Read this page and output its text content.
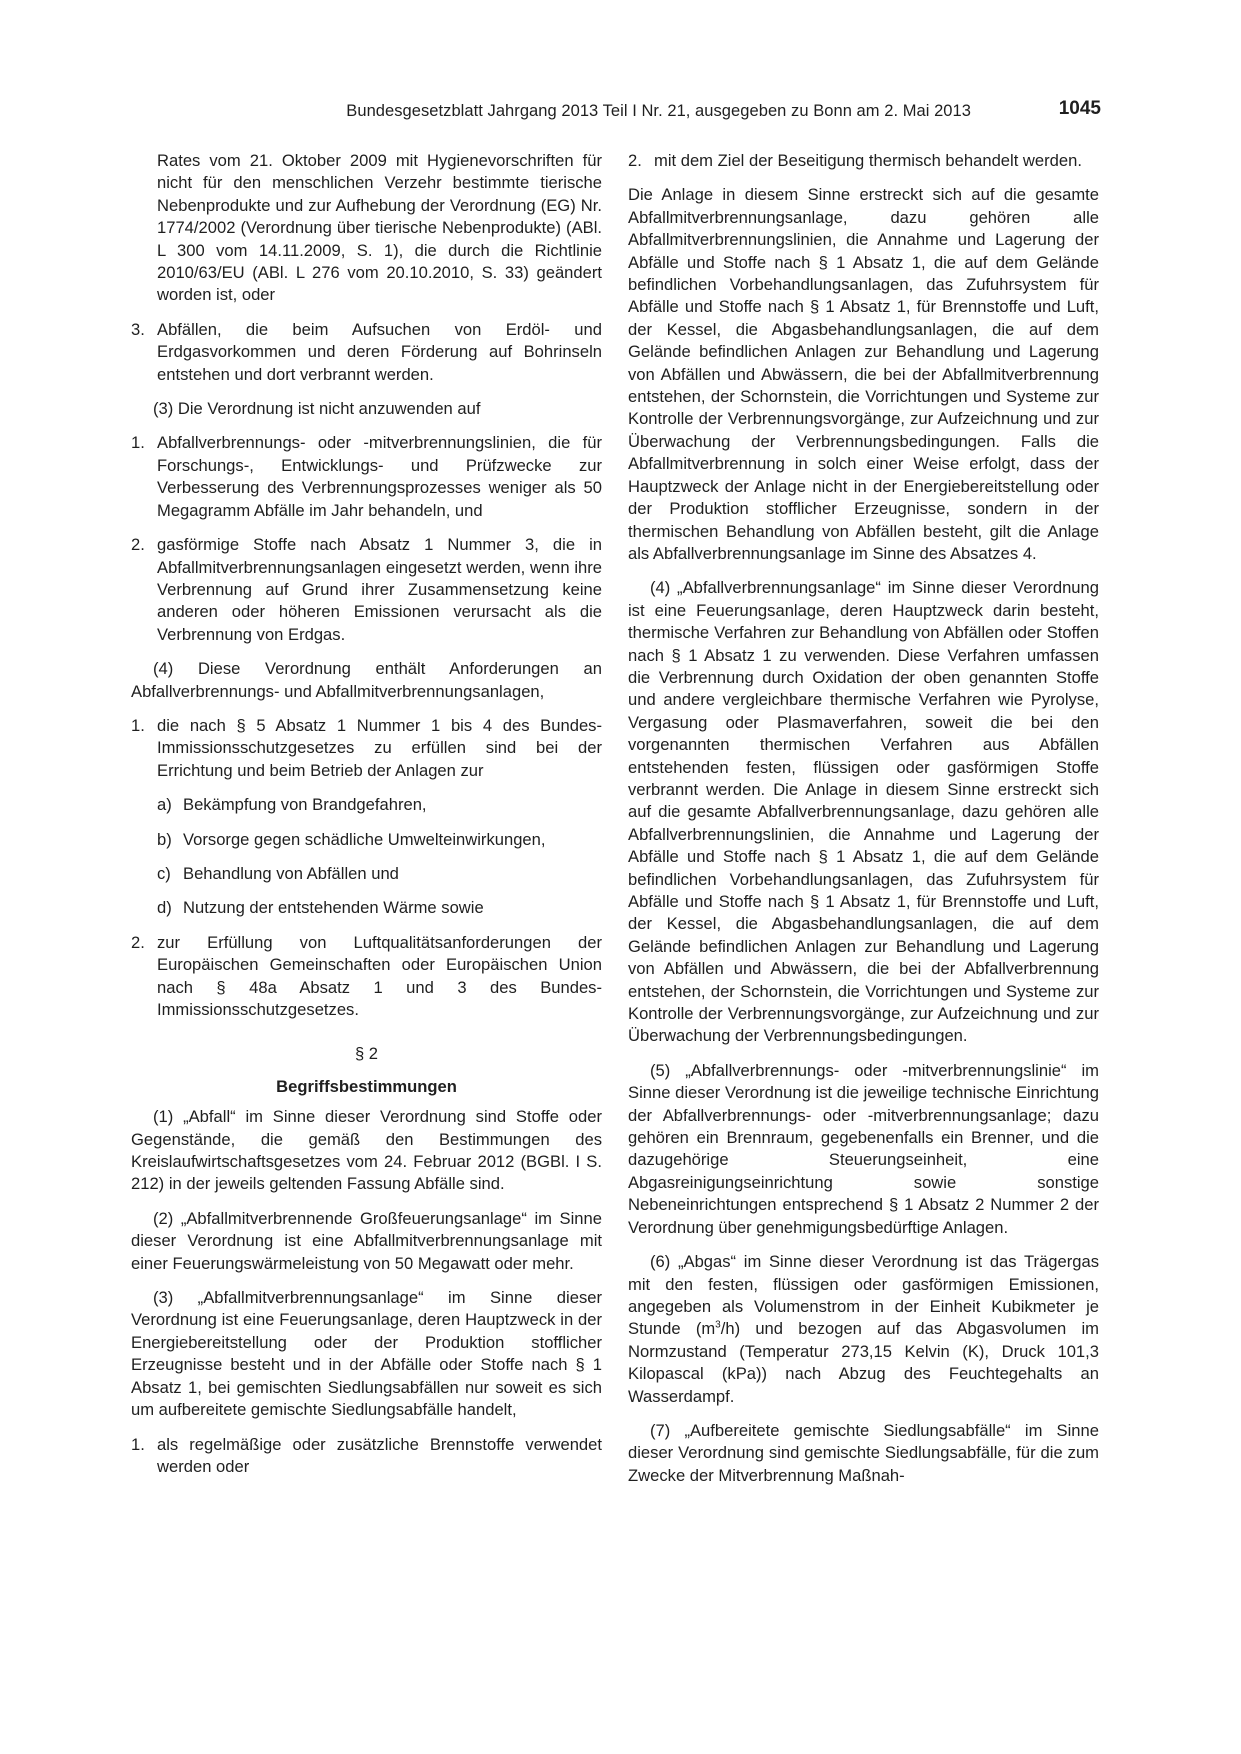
Bundesgesetzblatt Jahrgang 2013 Teil I Nr. 21, ausgegeben zu Bonn am 2. Mai 2013	1045

Rates vom 21. Oktober 2009 mit Hygienevorschriften für nicht für den menschlichen Verzehr bestimmte tierische Nebenprodukte und zur Aufhebung der Verordnung (EG) Nr. 1774/2002 (Verordnung über tierische Nebenprodukte) (ABl. L 300 vom 14.11.2009, S. 1), die durch die Richtlinie 2010/63/EU (ABl. L 276 vom 20.10.2010, S. 33) geändert worden ist, oder

3. Abfällen, die beim Aufsuchen von Erdöl- und Erdgasvorkommen und deren Förderung auf Bohrinseln entstehen und dort verbrannt werden.

(3) Die Verordnung ist nicht anzuwenden auf

1. Abfallverbrennungs- oder -mitverbrennungslinien, die für Forschungs-, Entwicklungs- und Prüfzwecke zur Verbesserung des Verbrennungsprozesses weniger als 50 Megagramm Abfälle im Jahr behandeln, und
2. gasförmige Stoffe nach Absatz 1 Nummer 3, die in Abfallmitverbrennungsanlagen eingesetzt werden, wenn ihre Verbrennung auf Grund ihrer Zusammensetzung keine anderen oder höheren Emissionen verursacht als die Verbrennung von Erdgas.

(4) Diese Verordnung enthält Anforderungen an Abfallverbrennungs- und Abfallmitverbrennungsanlagen,

1. die nach § 5 Absatz 1 Nummer 1 bis 4 des Bundes-Immissionsschutzgesetzes zu erfüllen sind bei der Errichtung und beim Betrieb der Anlagen zur
a) Bekämpfung von Brandgefahren,
b) Vorsorge gegen schädliche Umwelteinwirkungen,
c) Behandlung von Abfällen und
d) Nutzung der entstehenden Wärme sowie
2. zur Erfüllung von Luftqualitätsanforderungen der Europäischen Gemeinschaften oder Europäischen Union nach § 48a Absatz 1 und 3 des Bundes-Immissionsschutzgesetzes.

§ 2

Begriffsbestimmungen

(1) „Abfall“ im Sinne dieser Verordnung sind Stoffe oder Gegenstände, die gemäß den Bestimmungen des Kreislaufwirtschaftsgesetzes vom 24. Februar 2012 (BGBl. I S. 212) in der jeweils geltenden Fassung Abfälle sind.

(2) „Abfallmitverbrennende Großfeuerungsanlage“ im Sinne dieser Verordnung ist eine Abfallmitverbrennungsanlage mit einer Feuerungswärmeleistung von 50 Megawatt oder mehr.

(3) „Abfallmitverbrennungsanlage“ im Sinne dieser Verordnung ist eine Feuerungsanlage, deren Hauptzweck in der Energiebereitstellung oder der Produktion stofflicher Erzeugnisse besteht und in der Abfälle oder Stoffe nach § 1 Absatz 1, bei gemischten Siedlungsabfällen nur soweit es sich um aufbereitete gemischte Siedlungsabfälle handelt,

1. als regelmäßige oder zusätzliche Brennstoffe verwendet werden oder
2. mit dem Ziel der Beseitigung thermisch behandelt werden.

Die Anlage in diesem Sinne erstreckt sich auf die gesamte Abfallmitverbrennungsanlage, dazu gehören alle Abfallmitverbrennungslinien, die Annahme und Lagerung der Abfälle und Stoffe nach § 1 Absatz 1, die auf dem Gelände befindlichen Vorbehandlungsanlagen, das Zufuhrsystem für Abfälle und Stoffe nach § 1 Absatz 1, für Brennstoffe und Luft, der Kessel, die Abgasbehandlungsanlagen, die auf dem Gelände befindlichen Anlagen zur Behandlung und Lagerung von Abfällen und Abwässern, die bei der Abfallmitverbrennung entstehen, der Schornstein, die Vorrichtungen und Systeme zur Kontrolle der Verbrennungsvorgänge, zur Aufzeichnung und zur Überwachung der Verbrennungsbedingungen. Falls die Abfallmitverbrennung in solch einer Weise erfolgt, dass der Hauptzweck der Anlage nicht in der Energiebereitstellung oder der Produktion stofflicher Erzeugnisse, sondern in der thermischen Behandlung von Abfällen besteht, gilt die Anlage als Abfallverbrennungsanlage im Sinne des Absatzes 4.

(4) „Abfallverbrennungsanlage“ im Sinne dieser Verordnung ist eine Feuerungsanlage, deren Hauptzweck darin besteht, thermische Verfahren zur Behandlung von Abfällen oder Stoffen nach § 1 Absatz 1 zu verwenden. Diese Verfahren umfassen die Verbrennung durch Oxidation der oben genannten Stoffe und andere vergleichbare thermische Verfahren wie Pyrolyse, Vergasung oder Plasmaverfahren, soweit die bei den vorgenannten thermischen Verfahren aus Abfällen entstehenden festen, flüssigen oder gasförmigen Stoffe verbrannt werden. Die Anlage in diesem Sinne erstreckt sich auf die gesamte Abfallverbrennungsanlage, dazu gehören alle Abfallverbrennungslinien, die Annahme und Lagerung der Abfälle und Stoffe nach § 1 Absatz 1, die auf dem Gelände befindlichen Vorbehandlungsanlagen, das Zufuhrsystem für Abfälle und Stoffe nach § 1 Absatz 1, für Brennstoffe und Luft, der Kessel, die Abgasbehandlungsanlagen, die auf dem Gelände befindlichen Anlagen zur Behandlung und Lagerung von Abfällen und Abwässern, die bei der Abfallverbrennung entstehen, der Schornstein, die Vorrichtungen und Systeme zur Kontrolle der Verbrennungsvorgänge, zur Aufzeichnung und zur Überwachung der Verbrennungsbedingungen.

(5) „Abfallverbrennungs- oder -mitverbrennungslinie“ im Sinne dieser Verordnung ist die jeweilige technische Einrichtung der Abfallverbrennungs- oder -mitverbrennungsanlage; dazu gehören ein Brennraum, gegebenenfalls ein Brenner, und die dazugehörige Steuerungseinheit, eine Abgasreinigungseinrichtung sowie sonstige Nebeneinrichtungen entsprechend § 1 Absatz 2 Nummer 2 der Verordnung über genehmigungsbedürftige Anlagen.

(6) „Abgas“ im Sinne dieser Verordnung ist das Trägergas mit den festen, flüssigen oder gasförmigen Emissionen, angegeben als Volumenstrom in der Einheit Kubikmeter je Stunde $(m^3/h)$ und bezogen auf das Abgasvolumen im Normzustand (Temperatur 273,15 Kelvin (K), Druck 101,3 Kilopascal (kPa)) nach Abzug des Feuchtegehalts an Wasserdampf.

(7) „Aufbereitete gemischte Siedlungsabfälle“ im Sinne dieser Verordnung sind gemischte Siedlungsabfälle, für die zum Zwecke der Mitverbrennung Maßnah-
